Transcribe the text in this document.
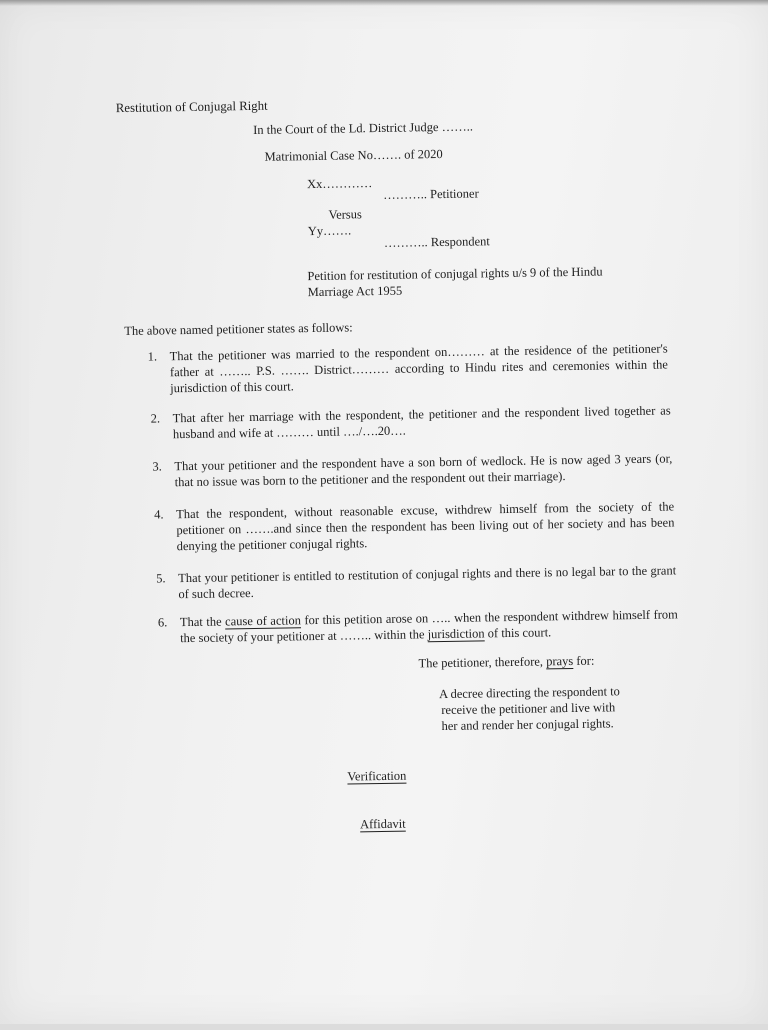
Restitution of Conjugal Right
In the Court of the Ld. District Judge ……..
Matrimonial Case No……. of 2020
Xx…………
……….. Petitioner
Versus
Yy…….
……….. Respondent
Petition for restitution of conjugal rights u/s 9 of the Hindu
Marriage Act 1955
The above named petitioner states as follows:
1. That the petitioner was married to the respondent on……… at the residence of the petitioner's father at …….. P.S. ……. District……… according to Hindu rites and ceremonies within the jurisdiction of this court.
2. That after her marriage with the respondent, the petitioner and the respondent lived together as husband and wife at ……… until …./….20….
3. That your petitioner and the respondent have a son born of wedlock. He is now aged 3 years (or, that no issue was born to the petitioner and the respondent out their marriage).
4. That the respondent, without reasonable excuse, withdrew himself from the society of the petitioner on …….and since then the respondent has been living out of her society and has been denying the petitioner conjugal rights.
5. That your petitioner is entitled to restitution of conjugal rights and there is no legal bar to the grant of such decree.
6. That the cause of action for this petition arose on ….. when the respondent withdrew himself from the society of your petitioner at …….. within the jurisdiction of this court.
The petitioner, therefore, prays for:
A decree directing the respondent to
receive the petitioner and live with
her and render her conjugal rights.
Verification
Affidavit
